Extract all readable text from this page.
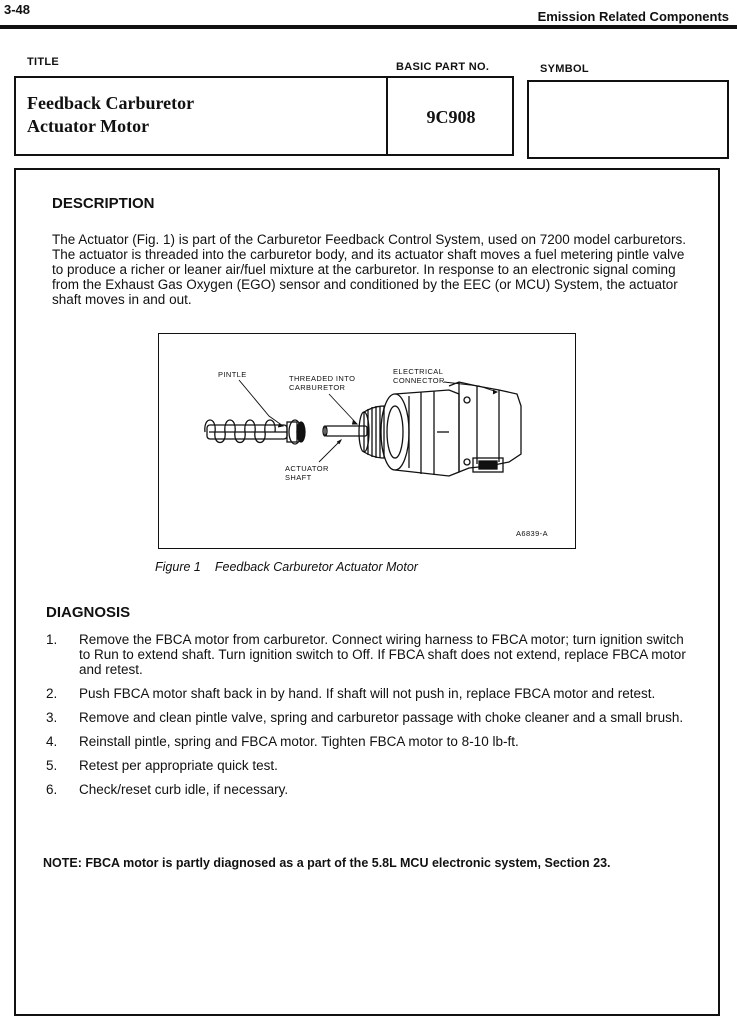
3-48	Emission Related Components
TITLE	BASIC PART NO.	SYMBOL
Feedback Carburetor
Actuator Motor	9C908
DESCRIPTION
The Actuator (Fig. 1) is part of the Carburetor Feedback Control System, used on 7200 model carburetors. The actuator is threaded into the carburetor body, and its actuator shaft moves a fuel metering pintle valve to produce a richer or leaner air/fuel mixture at the carburetor. In response to an electronic signal coming from the Exhaust Gas Oxygen (EGO) sensor and conditioned by the EEC (or MCU) System, the actuator shaft moves in and out.
PINTLE	THREADED INTO
CARBURETOR
ELECTRICAL
CONNECTOR
ACTUATOR
SHAFT
A6839-A
Figure 1 Feedback Carburetor Actuator Motor
DIAGNOSIS
1.	Remove the FBCA motor from carburetor. Connect wiring harness to FBCA motor; turn ignition switch to Run to extend shaft. Turn ignition switch to Off. If FBCA shaft does not extend, replace FBCA motor and retest.
2.	Push FBCA motor shaft back in by hand. If shaft will not push in, replace FBCA motor and retest.
3.	Remove and clean pintle valve, spring and carburetor passage with choke cleaner and a small brush.
4.	Reinstall pintle, spring and FBCA motor. Tighten FBCA motor to 8-10 lb-ft.
5.	Retest per appropriate quick test.
6.	Check/reset curb idle, if necessary.
NOTE: FBCA motor is partly diagnosed as a part of the 5.8L MCU electronic system, Section 23.
